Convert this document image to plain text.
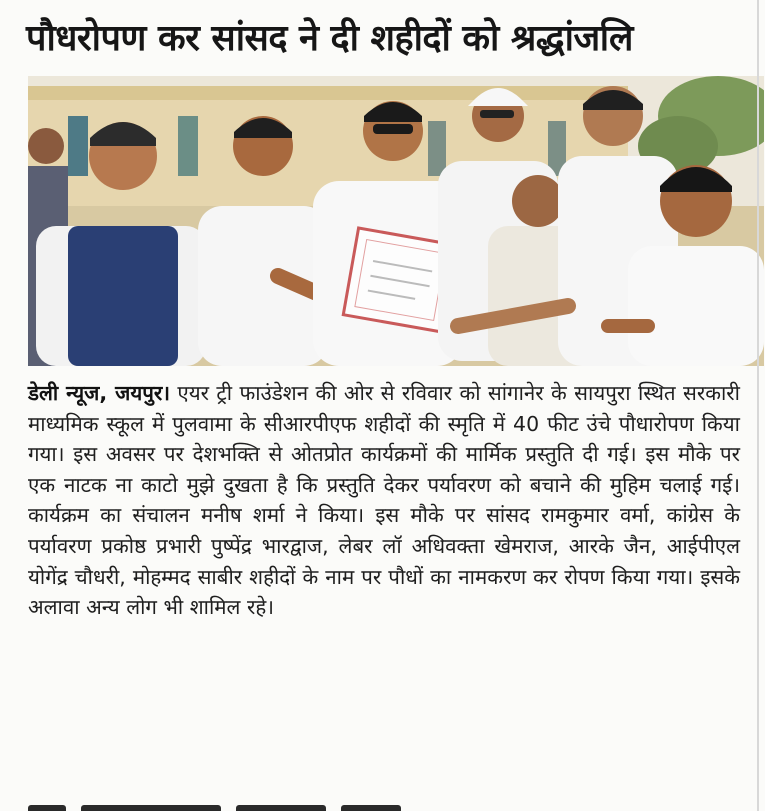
पौधरोपण कर सांसद ने दी शहीदों को श्रद्धांजलि
डेली न्यूज, जयपुर। एयर ट्री फाउंडेशन की ओर से रविवार को सांगानेर के सायपुरा स्थित सरकारी माध्यमिक स्कूल में पुलवामा के सीआरपीएफ शहीदों की स्मृति में 40 फीट उंचे पौधारोपण किया गया। इस अवसर पर देशभक्ति से ओतप्रोत कार्यक्रमों की मार्मिक प्रस्तुति दी गई। इस मौके पर एक नाटक ना काटो मुझे दुखता है कि प्रस्तुति देकर पर्यावरण को बचाने की मुहिम चलाई गई। कार्यक्रम का संचालन मनीष शर्मा ने किया। इस मौके पर सांसद रामकुमार वर्मा, कांग्रेस के पर्यावरण प्रकोष्ठ प्रभारी पुष्पेंद्र भारद्वाज, लेबर लॉ अधिवक्ता खेमराज, आरके जैन, आईपीएल योगेंद्र चौधरी, मोहम्मद साबीर शहीदों के नाम पर पौधों का नामकरण कर रोपण किया गया। इसके अलावा अन्य लोग भी शामिल रहे।
